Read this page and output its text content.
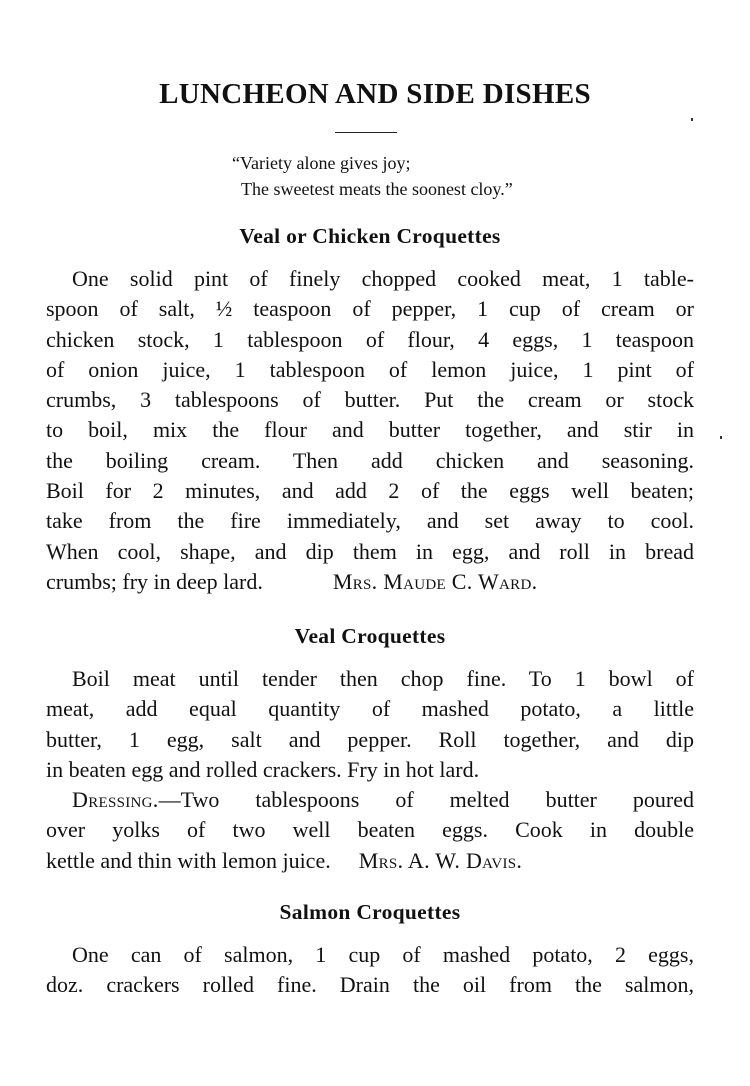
LUNCHEON AND SIDE DISHES
“Variety alone gives joy;
The sweetest meats the soonest cloy.”
Veal or Chicken Croquettes
One solid pint of finely chopped cooked meat, 1 table-
spoon of salt, ½ teaspoon of pepper, 1 cup of cream or
chicken stock, 1 tablespoon of flour, 4 eggs, 1 teaspoon
of onion juice, 1 tablespoon of lemon juice, 1 pint of
crumbs, 3 tablespoons of butter. Put the cream or stock
to boil, mix the flour and butter together, and stir in
the boiling cream. Then add chicken and seasoning.
Boil for 2 minutes, and add 2 of the eggs well beaten;
take from the fire immediately, and set away to cool.
When cool, shape, and dip them in egg, and roll in bread
crumbs; fry in deep lard.	Mrs. Maude C. Ward.
Veal Croquettes
Boil meat until tender then chop fine. To 1 bowl of
meat, add equal quantity of mashed potato, a little
butter, 1 egg, salt and pepper. Roll together, and dip
in beaten egg and rolled crackers. Fry in hot lard.
Dressing.—Two tablespoons of melted butter poured
over yolks of two well beaten eggs. Cook in double
kettle and thin with lemon juice. Mrs. A. W. Davis.
Salmon Croquettes
One can of salmon, 1 cup of mashed potato, 2 eggs,
doz. crackers rolled fine. Drain the oil from the salmon,
